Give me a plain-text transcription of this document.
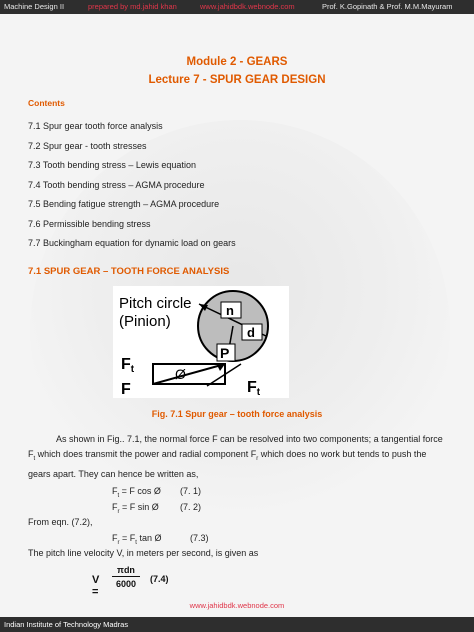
Machine Design II	prepared by md.jahid khan	www.jahidbdk.webnode.com	Prof. K.Gopinath & Prof. M.M.Mayuram
Module 2 - GEARS
Lecture 7 - SPUR GEAR DESIGN
Contents
7.1 Spur gear tooth force analysis
7.2 Spur gear - tooth stresses
7.3 Tooth bending stress – Lewis equation
7.4 Tooth bending stress – AGMA procedure
7.5 Bending fatigue strength – AGMA procedure
7.6 Permissible bending stress
7.7 Buckingham equation for dynamic load on gears
7.1 SPUR GEAR – TOOTH FORCE ANALYSIS
Pitch circle
(Pinion)
n
d
P
Ft
F
Ø
Ft
Fig. 7.1 Spur gear – tooth force analysis
As shown in Fig.. 7.1, the normal force F can be resolved into two components; a tangential force $F_t$ which does transmit the power and radial component $F_r$ which does no work but tends to push the gears apart. They can hence be written as,
$F_t = F$ cos Ø (7. 1)
$F_r = F$ sin Ø (7. 2)
From eqn. (7.2),
$F_r = F_t$ tan Ø	(7.3)
The pitch line velocity V, in meters per second, is given as
V =
πdn
6000	(7.4)
www.jahidbdk.webnode.com
Indian Institute of Technology Madras
